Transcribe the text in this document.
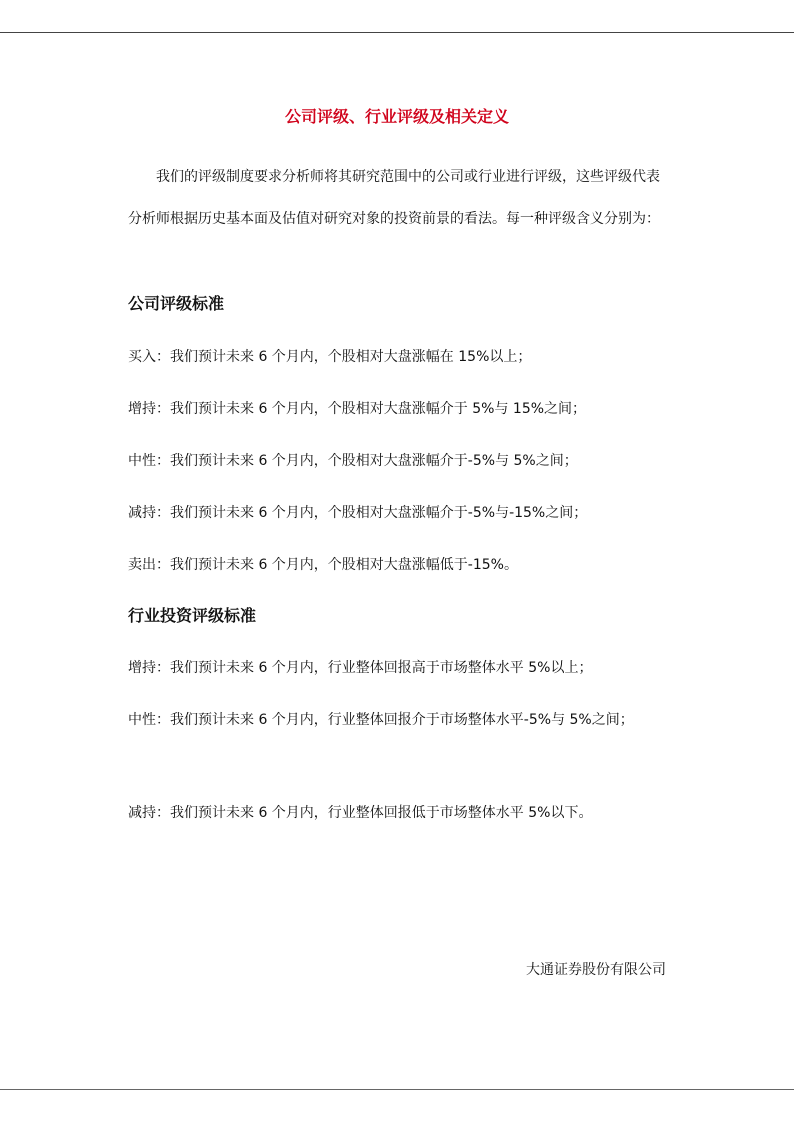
公司评级、行业评级及相关定义

我们的评级制度要求分析师将其研究范围中的公司或行业进行评级，这些评级代表分析师根据历史基本面及估值对研究对象的投资前景的看法。每一种评级含义分别为：

公司评级标准
买入：我们预计未来 6 个月内，个股相对大盘涨幅在 15%以上；
增持：我们预计未来 6 个月内，个股相对大盘涨幅介于 5%与 15%之间；
中性：我们预计未来 6 个月内，个股相对大盘涨幅介于-5%与 5%之间；
减持：我们预计未来 6 个月内，个股相对大盘涨幅介于-5%与-15%之间；
卖出：我们预计未来 6 个月内，个股相对大盘涨幅低于-15%。
行业投资评级标准
增持：我们预计未来 6 个月内，行业整体回报高于市场整体水平 5%以上；
中性：我们预计未来 6 个月内，行业整体回报介于市场整体水平-5%与 5%之间；
减持：我们预计未来 6 个月内，行业整体回报低于市场整体水平 5%以下。
大通证券股份有限公司
